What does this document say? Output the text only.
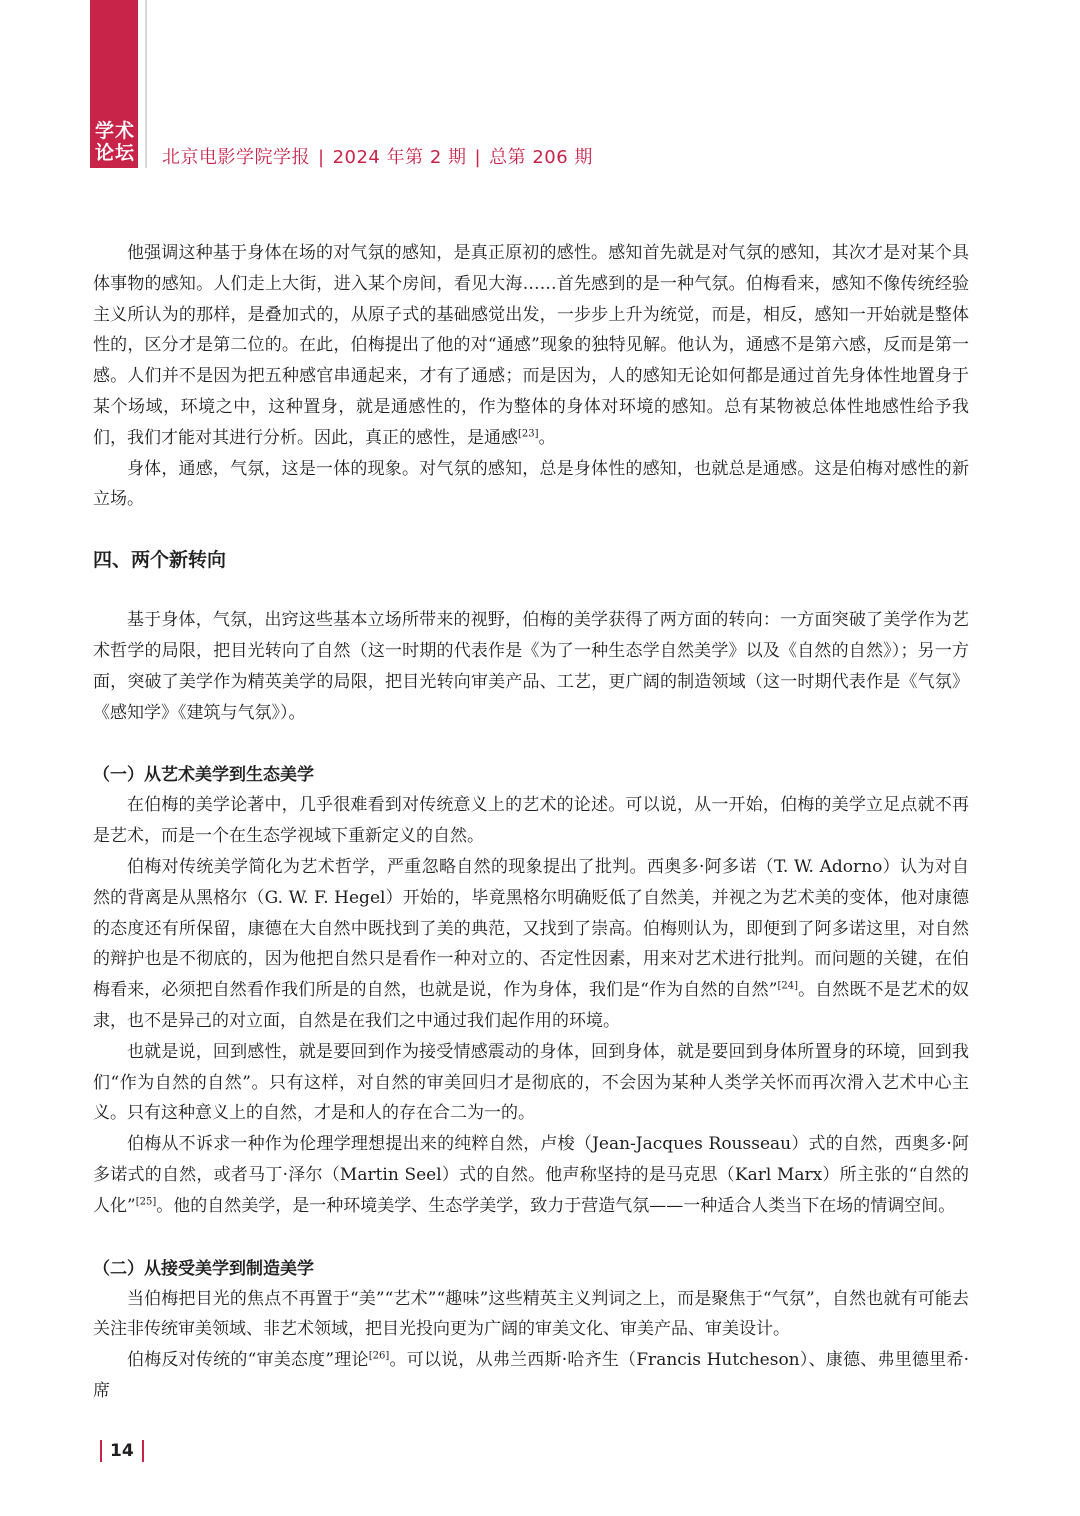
学术
论坛 北京电影学院学报 | 2024 年第 2 期 | 总第 206 期

他强调这种基于身体在场的对气氛的感知，是真正原初的感性。感知首先就是对气氛的感知，其次才是对某个具体事物的感知。人们走上大街，进入某个房间，看见大海……首先感到的是一种气氛。伯梅看来，感知不像传统经验主义所认为的那样，是叠加式的，从原子式的基础感觉出发，一步步上升为统觉，而是，相反，感知一开始就是整体性的，区分才是第二位的。在此，伯梅提出了他的对“通感”现象的独特见解。他认为，通感不是第六感，反而是第一感。人们并不是因为把五种感官串通起来，才有了通感；而是因为，人的感知无论如何都是通过首先身体性地置身于某个场域，环境之中，这种置身，就是通感性的，作为整体的身体对环境的感知。总有某物被总体性地感性给予我们，我们才能对其进行分析。因此，真正的感性，是通感[23]。

身体，通感，气氛，这是一体的现象。对气氛的感知，总是身体性的感知，也就总是通感。这是伯梅对感性的新立场。

四、两个新转向

基于身体，气氛，出窍这些基本立场所带来的视野，伯梅的美学获得了两方面的转向：一方面突破了美学作为艺术哲学的局限，把目光转向了自然（这一时期的代表作是《为了一种生态学自然美学》以及《自然的自然》）；另一方面，突破了美学作为精英美学的局限，把目光转向审美产品、工艺，更广阔的制造领域（这一时期代表作是《气氛》《感知学》《建筑与气氛》）。

（一）从艺术美学到生态美学

在伯梅的美学论著中，几乎很难看到对传统意义上的艺术的论述。可以说，从一开始，伯梅的美学立足点就不再是艺术，而是一个在生态学视域下重新定义的自然。

伯梅对传统美学简化为艺术哲学，严重忽略自然的现象提出了批判。西奥多·阿多诺（T. W. Adorno）认为对自然的背离是从黑格尔（G. W. F. Hegel）开始的，毕竟黑格尔明确贬低了自然美，并视之为艺术美的变体，他对康德的态度还有所保留，康德在大自然中既找到了美的典范，又找到了崇高。伯梅则认为，即便到了阿多诺这里，对自然的辩护也是不彻底的，因为他把自然只是看作一种对立的、否定性因素，用来对艺术进行批判。而问题的关键，在伯梅看来，必须把自然看作我们所是的自然，也就是说，作为身体，我们是“作为自然的自然”[24]。自然既不是艺术的奴隶，也不是异己的对立面，自然是在我们之中通过我们起作用的环境。

也就是说，回到感性，就是要回到作为接受情感震动的身体，回到身体，就是要回到身体所置身的环境，回到我们“作为自然的自然”。只有这样，对自然的审美回归才是彻底的，不会因为某种人类学关怀而再次滑入艺术中心主义。只有这种意义上的自然，才是和人的存在合二为一的。

伯梅从不诉求一种作为伦理学理想提出来的纯粹自然，卢梭（Jean-Jacques Rousseau）式的自然，西奥多·阿多诺式的自然，或者马丁·泽尔（Martin Seel）式的自然。他声称坚持的是马克思（Karl Marx）所主张的“自然的人化”[25]。他的自然美学，是一种环境美学、生态学美学，致力于营造气氛——一种适合人类当下在场的情调空间。

（二）从接受美学到制造美学

当伯梅把目光的焦点不再置于“美”“艺术”“趣味”这些精英主义判词之上，而是聚焦于“气氛”，自然也就有可能去关注非传统审美领域、非艺术领域，把目光投向更为广阔的审美文化、审美产品、审美设计。

伯梅反对传统的“审美态度”理论[26]。可以说，从弗兰西斯·哈齐生（Francis Hutcheson）、康德、弗里德里希·席

14
